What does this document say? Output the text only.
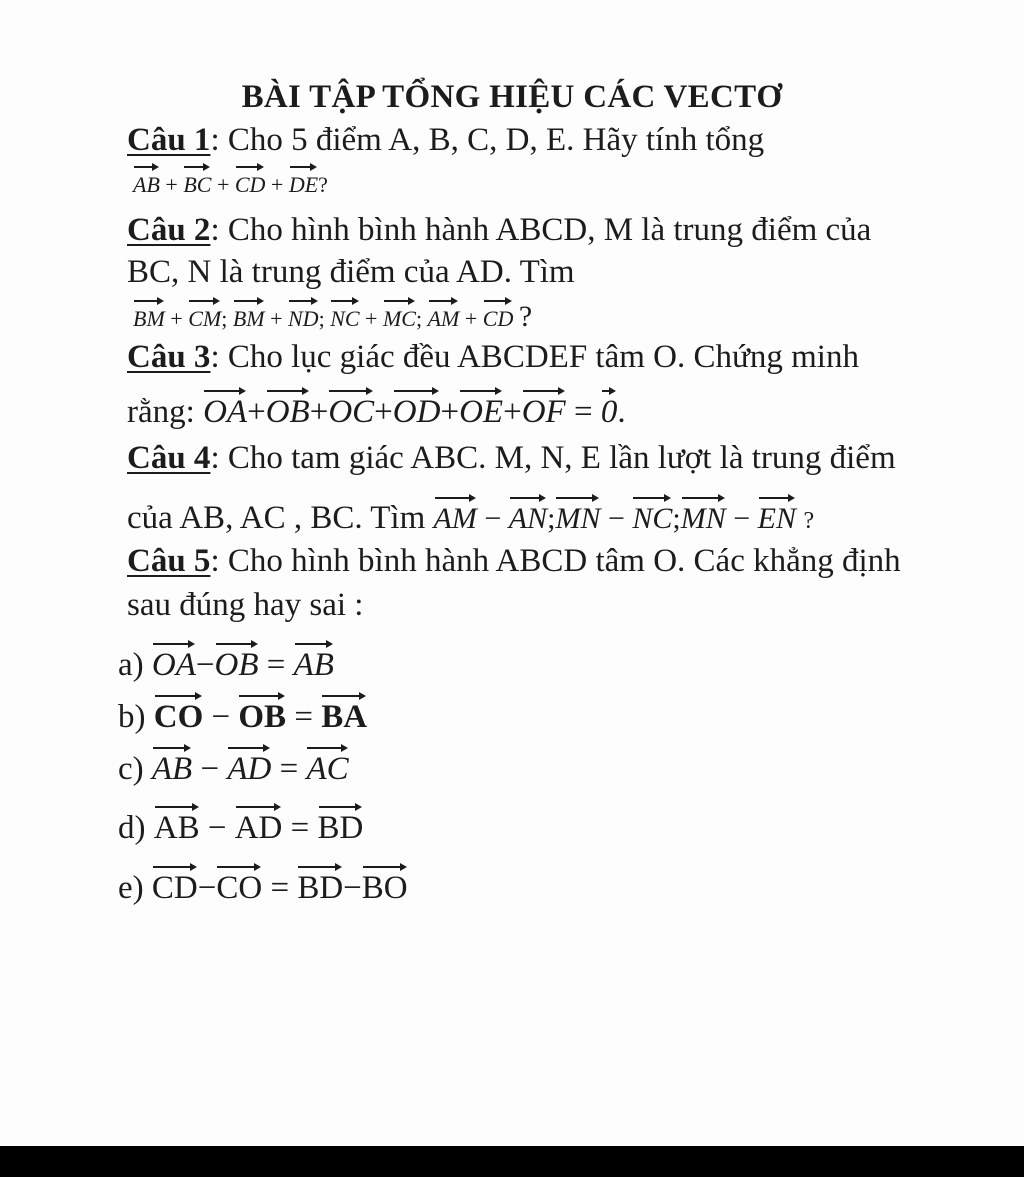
BÀI TẬP TỔNG HIỆU CÁC VECTƠ
Câu 1: Cho 5 điểm A, B, C, D, E. Hãy tính tổng
AB + BC + CD + DE?
Câu 2: Cho hình bình hành ABCD, M là trung điểm của
BC, N là trung điểm của AD. Tìm
BM + CM; BM + ND; NC + MC; AM + CD ?
Câu 3: Cho lục giác đều ABCDEF tâm O. Chứng minh
rằng: OA+OB+OC+OD+OE+OF = 0.
Câu 4: Cho tam giác ABC. M, N, E lần lượt là trung điểm
của AB, AC , BC. Tìm AM − AN;MN − NC;MN − EN ?
Câu 5: Cho hình bình hành ABCD tâm O. Các khẳng định
sau đúng hay sai :
a) OA−OB = AB
b) CO − OB = BA
c) AB − AD = AC
d) AB − AD = BD
e) CD−CO = BD−BO
